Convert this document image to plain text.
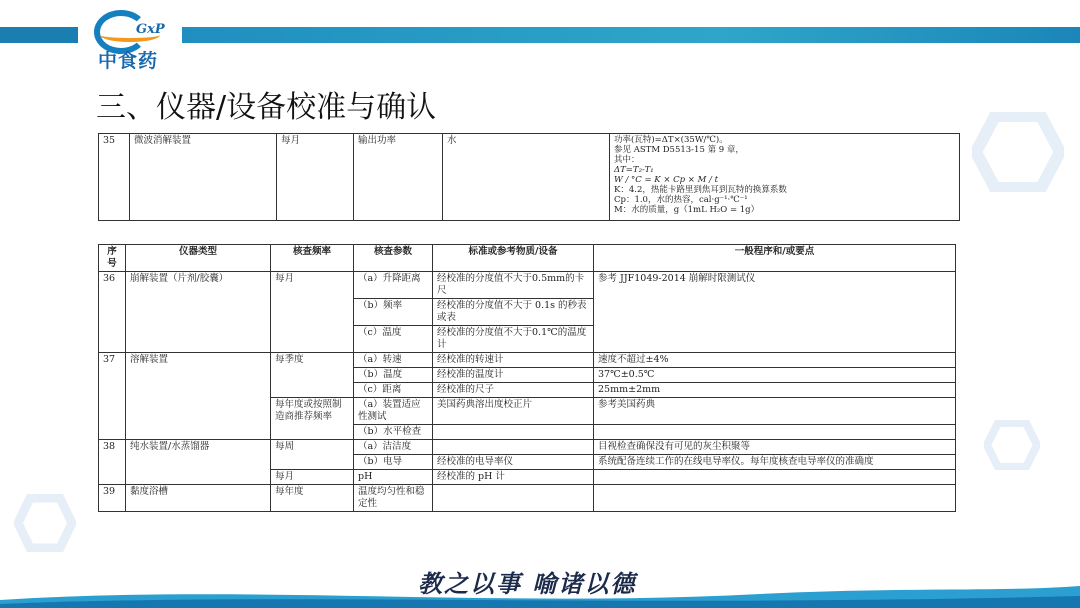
GxP
中食药
三、仪器/设备校准与确认
35	微波消解装置	每月	输出功率	水	功率(瓦特)=ΔT×(35W/℃)。
参见 ASTM D5513-15 第 9 章，
其中：
ΔT=T₂-T₁
W / °C = K × Cp × M / t
K：4.2，热能卡路里到焦耳到瓦特的换算系数
Cp：1.0，水的热容，cal·g⁻¹·℃⁻¹
M：水的质量，g（1mL H₂O = 1g）
序号	仪器类型	核查频率	核查参数	标准或参考物质/设备	一般程序和/或要点
36	崩解装置（片剂/胶囊）	每月	（a）升降距离	经校准的分度值不大于0.5mm的卡尺	参考 JJF1049-2014 崩解时限测试仪
			（b）频率	经校准的分度值不大于 0.1s 的秒表或表	
			（c）温度	经校准的分度值不大于0.1℃的温度计	
37	溶解装置	每季度	（a）转速	经校准的转速计	速度不超过±4%
			（b）温度	经校准的温度计	37℃±0.5℃
			（c）距离	经校准的尺子	25mm±2mm
		每年度或按照制造商推荐频率	（a）装置适应性测试	美国药典溶出度校正片	参考美国药典
			（b）水平检查		
38	纯水装置/水蒸馏器	每周	（a）洁洁度		目视检查确保没有可见的灰尘积聚等
			（b）电导	经校准的电导率仪	系统配备连续工作的在线电导率仪。每年度核查电导率仪的准确度
		每月	pH	经校准的 pH 计	
39	黏度浴槽	每年度	温度均匀性和稳定性		
教之以事 喻诸以德
